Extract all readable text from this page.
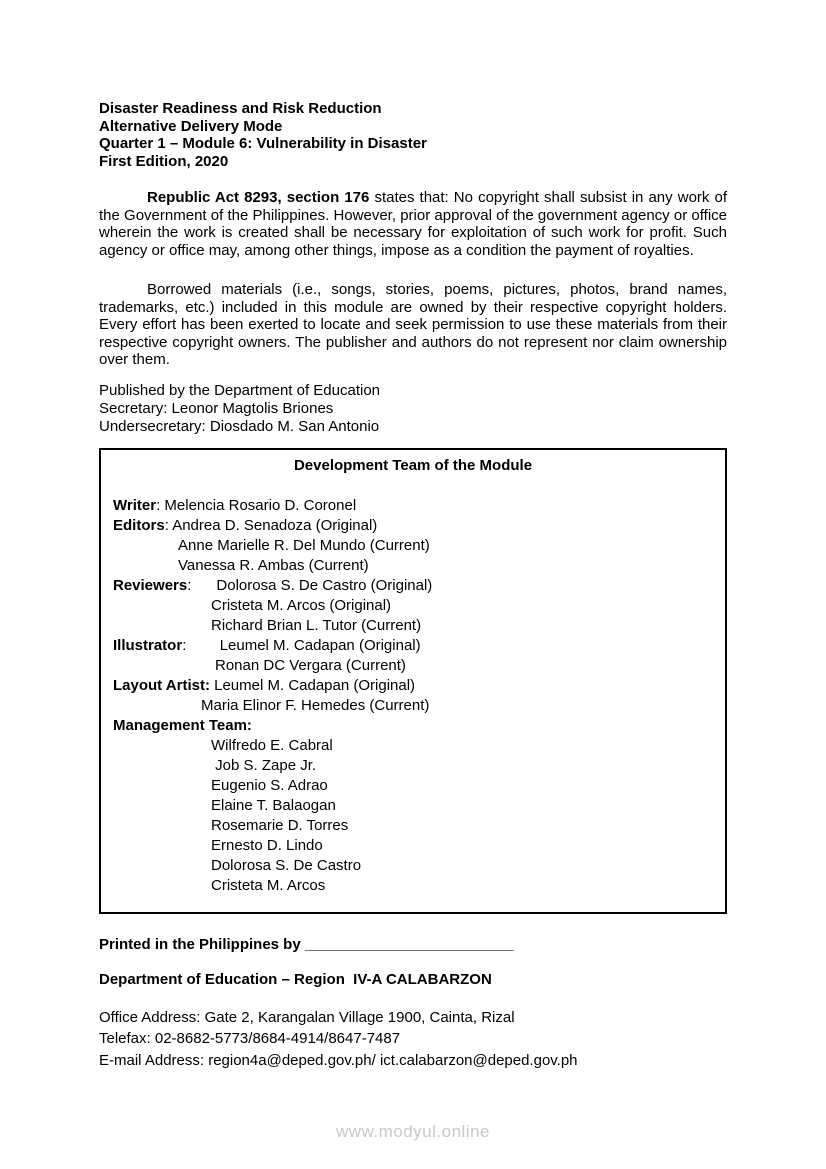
Disaster Readiness and Risk Reduction
Alternative Delivery Mode
Quarter 1 – Module 6: Vulnerability in Disaster
First Edition, 2020

Republic Act 8293, section 176 states that: No copyright shall subsist in any work of the Government of the Philippines. However, prior approval of the government agency or office wherein the work is created shall be necessary for exploitation of such work for profit. Such agency or office may, among other things, impose as a condition the payment of royalties.

Borrowed materials (i.e., songs, stories, poems, pictures, photos, brand names, trademarks, etc.) included in this module are owned by their respective copyright holders. Every effort has been exerted to locate and seek permission to use these materials from their respective copyright owners. The publisher and authors do not represent nor claim ownership over them.

Published by the Department of Education
Secretary: Leonor Magtolis Briones
Undersecretary: Diosdado M. San Antonio
Development Team of the Module
Writer: Melencia Rosario D. Coronel
Editors: Andrea D. Senadoza (Original)
Anne Marielle R. Del Mundo (Current)
Vanessa R. Ambas (Current)
Reviewers:      Dolorosa S. De Castro (Original)
Cristeta M. Arcos (Original)
Richard Brian L. Tutor (Current)
Illustrator:        Leumel M. Cadapan (Original)
Ronan DC Vergara (Current)
Layout Artist: Leumel M. Cadapan (Original)
Maria Elinor F. Hemedes (Current)
Management Team:
Wilfredo E. Cabral
Job S. Zape Jr.
Eugenio S. Adrao
Elaine T. Balaogan
Rosemarie D. Torres
Ernesto D. Lindo
Dolorosa S. De Castro
Cristeta M. Arcos
Printed in the Philippines by _________________________
Department of Education – Region  IV-A CALABARZON
Office Address: Gate 2, Karangalan Village 1900, Cainta, Rizal
Telefax: 02-8682-5773/8684-4914/8647-7487
E-mail Address: region4a@deped.gov.ph/ ict.calabarzon@deped.gov.ph
www.modyul.online
